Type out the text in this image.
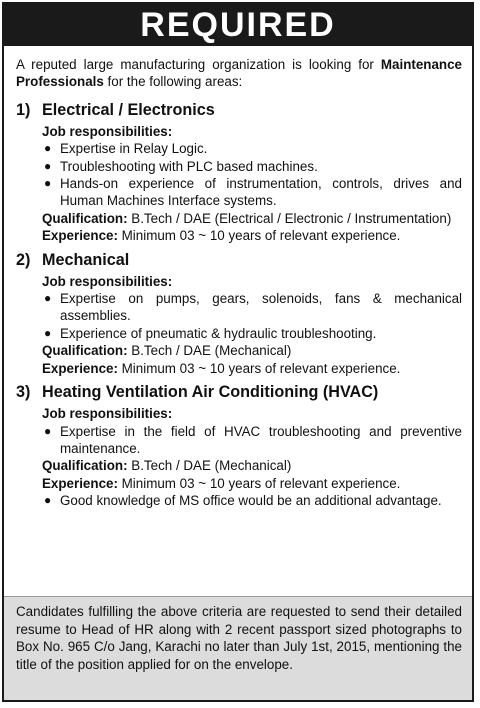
REQUIRED

A reputed large manufacturing organization is looking for Maintenance Professionals for the following areas:

1) Electrical / Electronics

Job responsibilities:

● Expertise in Relay Logic.
● Troubleshooting with PLC based machines.
● Hands-on experience of instrumentation, controls, drives and Human Machines Interface systems.

Qualification: B.Tech / DAE (Electrical / Electronic / Instrumentation)

Experience: Minimum 03 ~ 10 years of relevant experience.

2) Mechanical

Job responsibilities:

● Expertise on pumps, gears, solenoids, fans & mechanical assemblies.
● Experience of pneumatic & hydraulic troubleshooting.

Qualification: B.Tech / DAE (Mechanical)

Experience: Minimum 03 ~ 10 years of relevant experience.

3) Heating Ventilation Air Conditioning (HVAC)

Job responsibilities:

● Expertise in the field of HVAC troubleshooting and preventive maintenance.

Qualification: B.Tech / DAE (Mechanical)

Experience: Minimum 03 ~ 10 years of relevant experience.

● Good knowledge of MS office would be an additional advantage.
Candidates fulfilling the above criteria are requested to send their detailed resume to Head of HR along with 2 recent passport sized photographs to Box No. 965 C/o Jang, Karachi no later than July 1st, 2015, mentioning the title of the position applied for on the envelope.
